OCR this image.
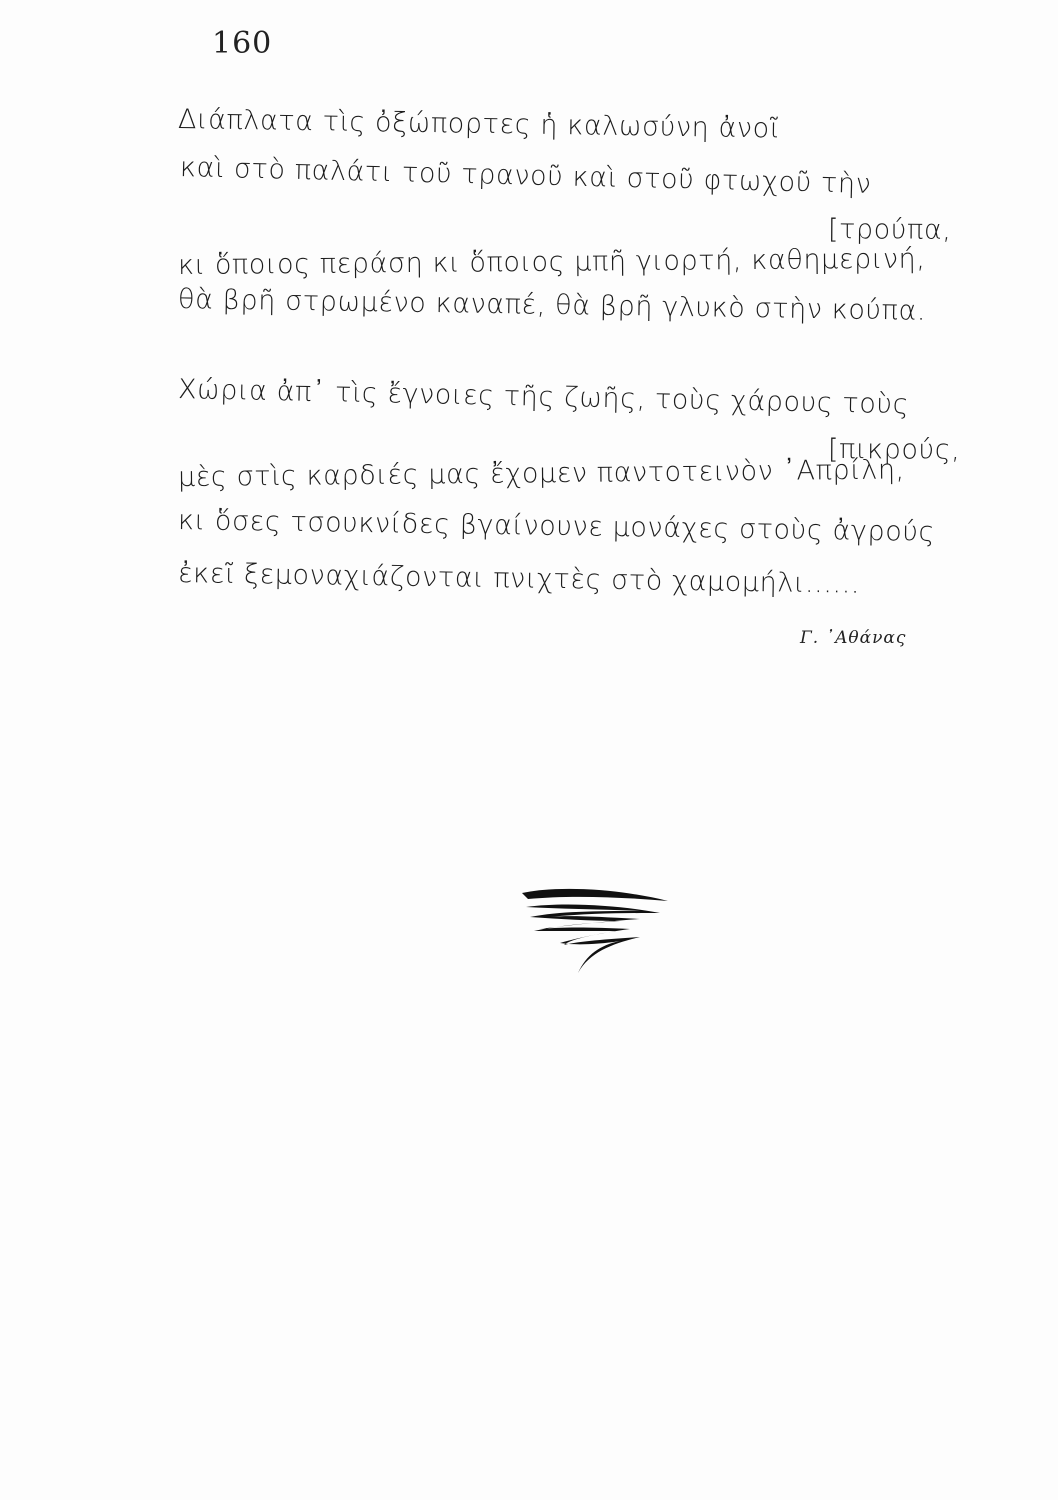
160
Διάπλατα τὶς ὀξώπορτες ἡ καλωσύνη ἀνοῖ
καὶ στὸ παλάτι τοῦ τρανοῦ καὶ στοῦ φτωχοῦ τὴν
[τρούπα,
κι ὅποιος περάση κι ὅποιος μπῆ γιορτή, καθημερινή,
θὰ βρῆ στρωμένο καναπέ, θὰ βρῆ γλυκὸ στὴν κούπα.
Χώρια ἀπ᾿ τὶς ἔγνοιες τῆς ζωῆς, τοὺς χάρους τοὺς
[πικρούς,
μὲς στὶς καρδιές μας ἔχομεν παντοτεινὸν ᾿Απρίλη,
κι ὅσες τσουκνίδες βγαίνουνε μονάχες στοὺς ἀγρούς
ἐκεῖ ξεμοναχιάζονται πνιχτὲς στὸ χαμομήλι......
Γ. ᾿Αθάνας
